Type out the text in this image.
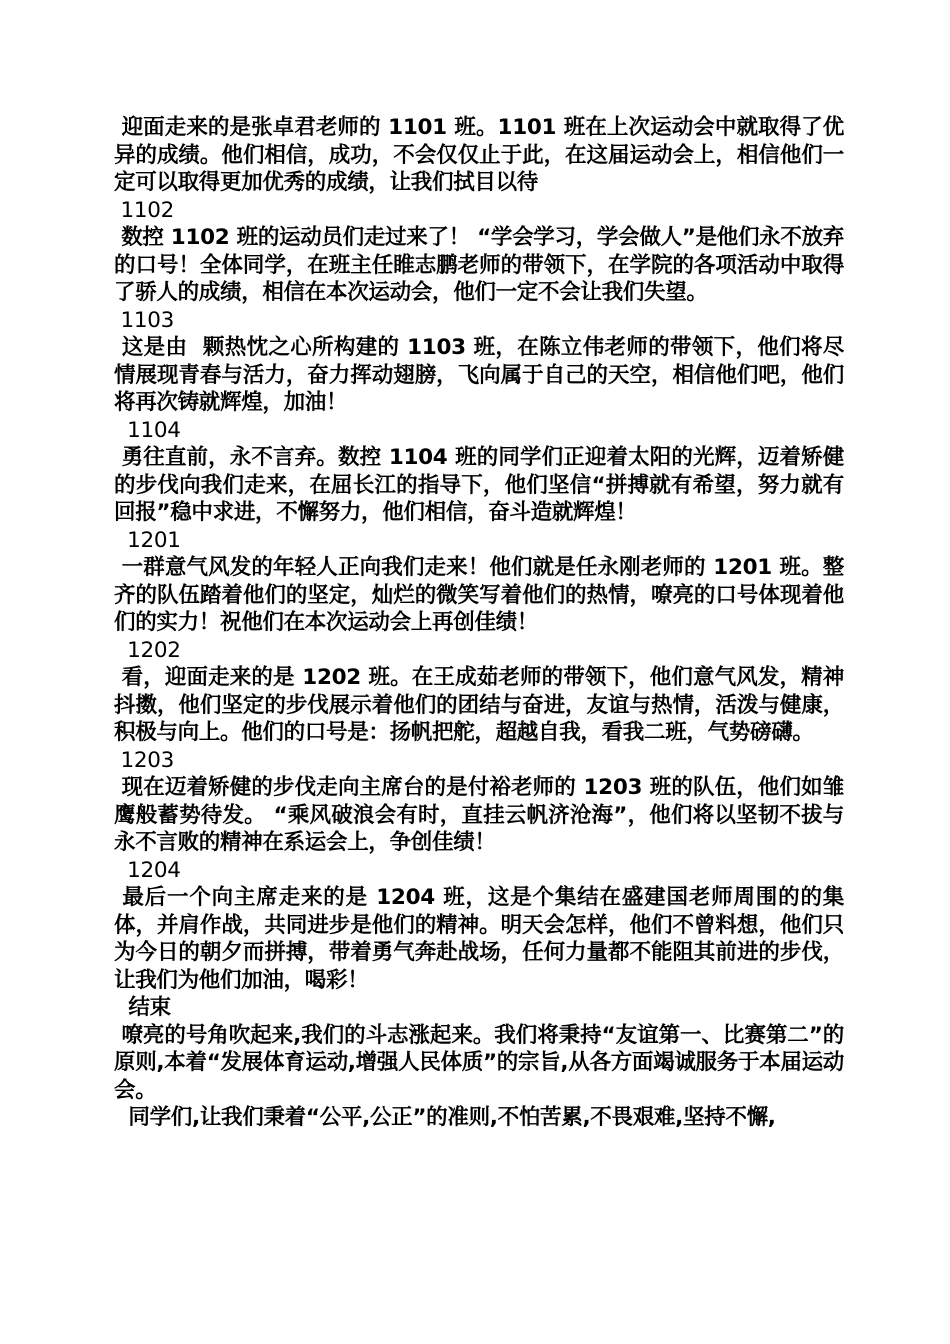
迎面走来的是张卓君老师的 1101 班。1101 班在上次运动会中就取得了优异的成绩。他们相信，成功，不会仅仅止于此，在这届运动会上，相信他们一定可以取得更加优秀的成绩，让我们拭目以待

1102

数控 1102 班的运动员们走过来了！ “学会学习，学会做人”是他们永不放弃的口号！全体同学，在班主任睢志鹏老师的带领下，在学院的各项活动中取得了骄人的成绩，相信在本次运动会，他们一定不会让我们失望。

1103

这是由  颗热忱之心所构建的 1103 班，在陈立伟老师的带领下，他们将尽情展现青春与活力，奋力挥动翅膀，飞向属于自己的天空，相信他们吧，他们将再次铸就辉煌，加油！

1104

勇往直前，永不言弃。数控 1104 班的同学们正迎着太阳的光辉，迈着矫健的步伐向我们走来，在屈长江的指导下，他们坚信“拼搏就有希望，努力就有回报”稳中求进，不懈努力，他们相信，奋斗造就辉煌！

1201

一群意气风发的年轻人正向我们走来！他们就是任永刚老师的 1201 班。整齐的队伍踏着他们的坚定，灿烂的微笑写着他们的热情，嘹亮的口号体现着他们的实力！祝他们在本次运动会上再创佳绩！

1202

看，迎面走来的是 1202 班。在王成茹老师的带领下，他们意气风发，精神抖擞，他们坚定的步伐展示着他们的团结与奋进，友谊与热情，活泼与健康，积极与向上。他们的口号是：扬帆把舵，超越自我，看我二班，气势磅礴。

1203

现在迈着矫健的步伐走向主席台的是付裕老师的 1203 班的队伍，他们如雏鹰般蓄势待发。 “乘风破浪会有时，直挂云帆济沧海”，他们将以坚韧不拔与永不言败的精神在系运会上，争创佳绩！

1204

最后一个向主席走来的是 1204 班，这是个集结在盛建国老师周围的的集体，并肩作战，共同进步是他们的精神。明天会怎样，他们不曾料想，他们只为今日的朝夕而拼搏，带着勇气奔赴战场，任何力量都不能阻其前进的步伐，让我们为他们加油，喝彩！

结束

嘹亮的号角吹起来,我们的斗志涨起来。我们将秉持“友谊第一、比赛第二”的原则,本着“发展体育运动,增强人民体质”的宗旨,从各方面竭诚服务于本届运动会。

同学们,让我们秉着“公平,公正”的准则,不怕苦累,不畏艰难,坚持不懈,
